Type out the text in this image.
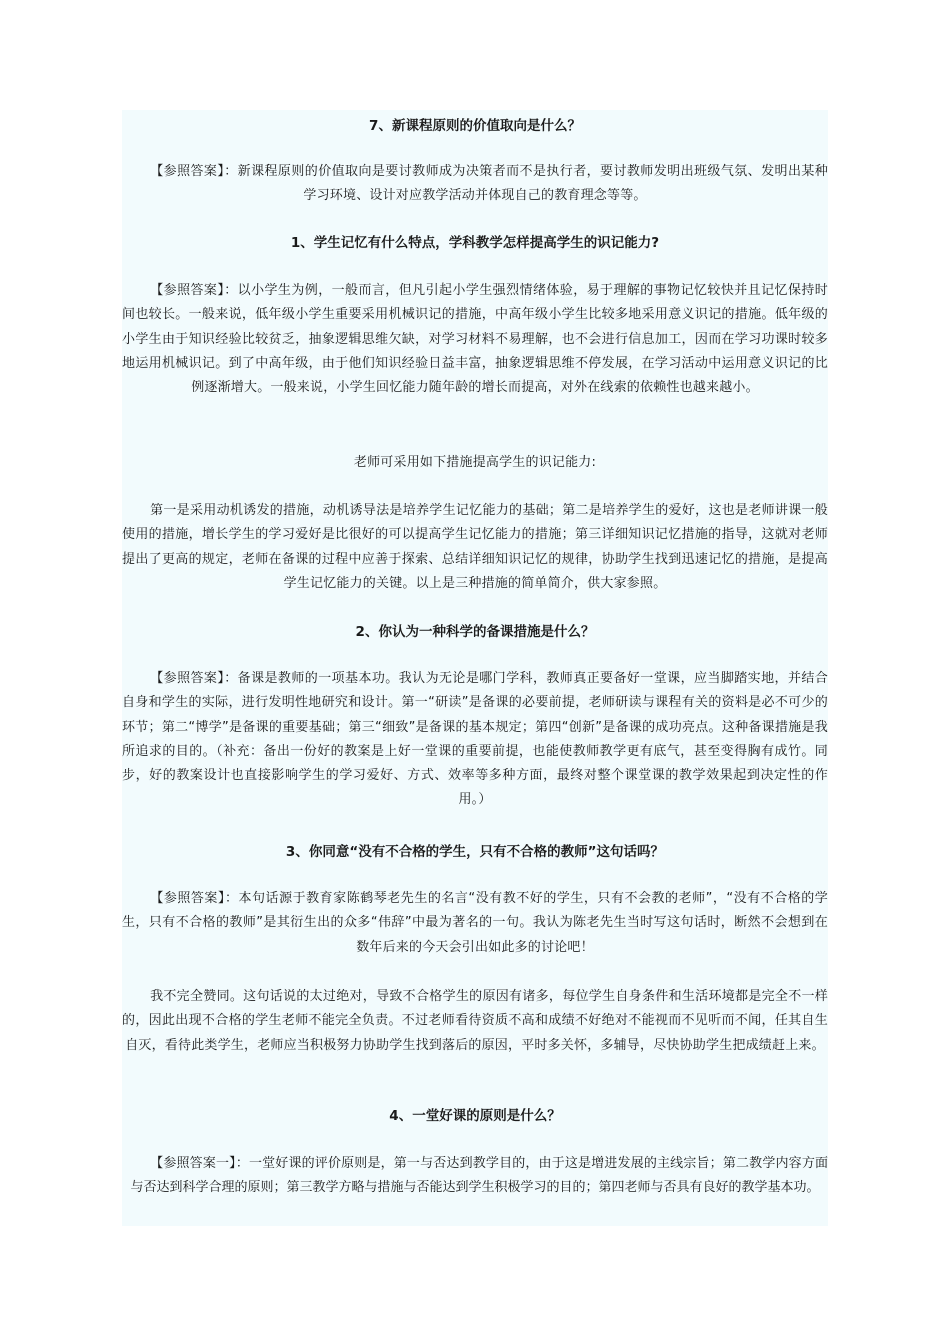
7、新课程原则的价值取向是什么？

【参照答案】：新课程原则的价值取向是要讨教师成为决策者而不是执行者，要讨教师发明出班级气氛、发明出某种学习环境、设计对应教学活动并体现自己的教育理念等等。

1、学生记忆有什么特点，学科教学怎样提高学生的识记能力?

【参照答案】：以小学生为例，一般而言，但凡引起小学生强烈情绪体验，易于理解的事物记忆较快并且记忆保持时间也较长。一般来说，低年级小学生重要采用机械识记的措施，中高年级小学生比较多地采用意义识记的措施。低年级的小学生由于知识经验比较贫乏，抽象逻辑思维欠缺，对学习材料不易理解，也不会进行信息加工，因而在学习功课时较多地运用机械识记。到了中高年级，由于他们知识经验日益丰富，抽象逻辑思维不停发展，在学习活动中运用意义识记的比例逐渐增大。一般来说，小学生回忆能力随年龄的增长而提高，对外在线索的依赖性也越来越小。

老师可采用如下措施提高学生的识记能力:

第一是采用动机诱发的措施，动机诱导法是培养学生记忆能力的基础；第二是培养学生的爱好，这也是老师讲课一般使用的措施，增长学生的学习爱好是比很好的可以提高学生记忆能力的措施；第三详细知识记忆措施的指导，这就对老师提出了更高的规定，老师在备课的过程中应善于探索、总结详细知识记忆的规律，协助学生找到迅速记忆的措施，是提高学生记忆能力的关键。以上是三种措施的简单简介，供大家参照。

2、你认为一种科学的备课措施是什么？

【参照答案】：备课是教师的一项基本功。我认为无论是哪门学科，教师真正要备好一堂课，应当脚踏实地，并结合自身和学生的实际，进行发明性地研究和设计。第一“研读”是备课的必要前提，老师研读与课程有关的资料是必不可少的环节；第二“博学”是备课的重要基础；第三“细致”是备课的基本规定；第四“创新”是备课的成功亮点。这种备课措施是我所追求的目的。（补充：备出一份好的教案是上好一堂课的重要前提，也能使教师教学更有底气，甚至变得胸有成竹。同步，好的教案设计也直接影响学生的学习爱好、方式、效率等多种方面，最终对整个课堂课的教学效果起到决定性的作用。）

3、你同意“没有不合格的学生，只有不合格的教师”这句话吗？

【参照答案】：本句话源于教育家陈鹤琴老先生的名言“没有教不好的学生，只有不会教的老师”，“没有不合格的学生，只有不合格的教师”是其衍生出的众多“伟辞”中最为著名的一句。我认为陈老先生当时写这句话时，断然不会想到在数年后来的今天会引出如此多的讨论吧！

我不完全赞同。这句话说的太过绝对，导致不合格学生的原因有诸多，每位学生自身条件和生活环境都是完全不一样的，因此出现不合格的学生老师不能完全负责。不过老师看待资质不高和成绩不好绝对不能视而不见听而不闻，任其自生自灭，看待此类学生，老师应当积极努力协助学生找到落后的原因，平时多关怀，多辅导，尽快协助学生把成绩赶上来。

4、一堂好课的原则是什么？

【参照答案一】：一堂好课的评价原则是，第一与否达到教学目的，由于这是增进发展的主线宗旨；第二教学内容方面与否达到科学合理的原则；第三教学方略与措施与否能达到学生积极学习的目的；第四老师与否具有良好的教学基本功。
